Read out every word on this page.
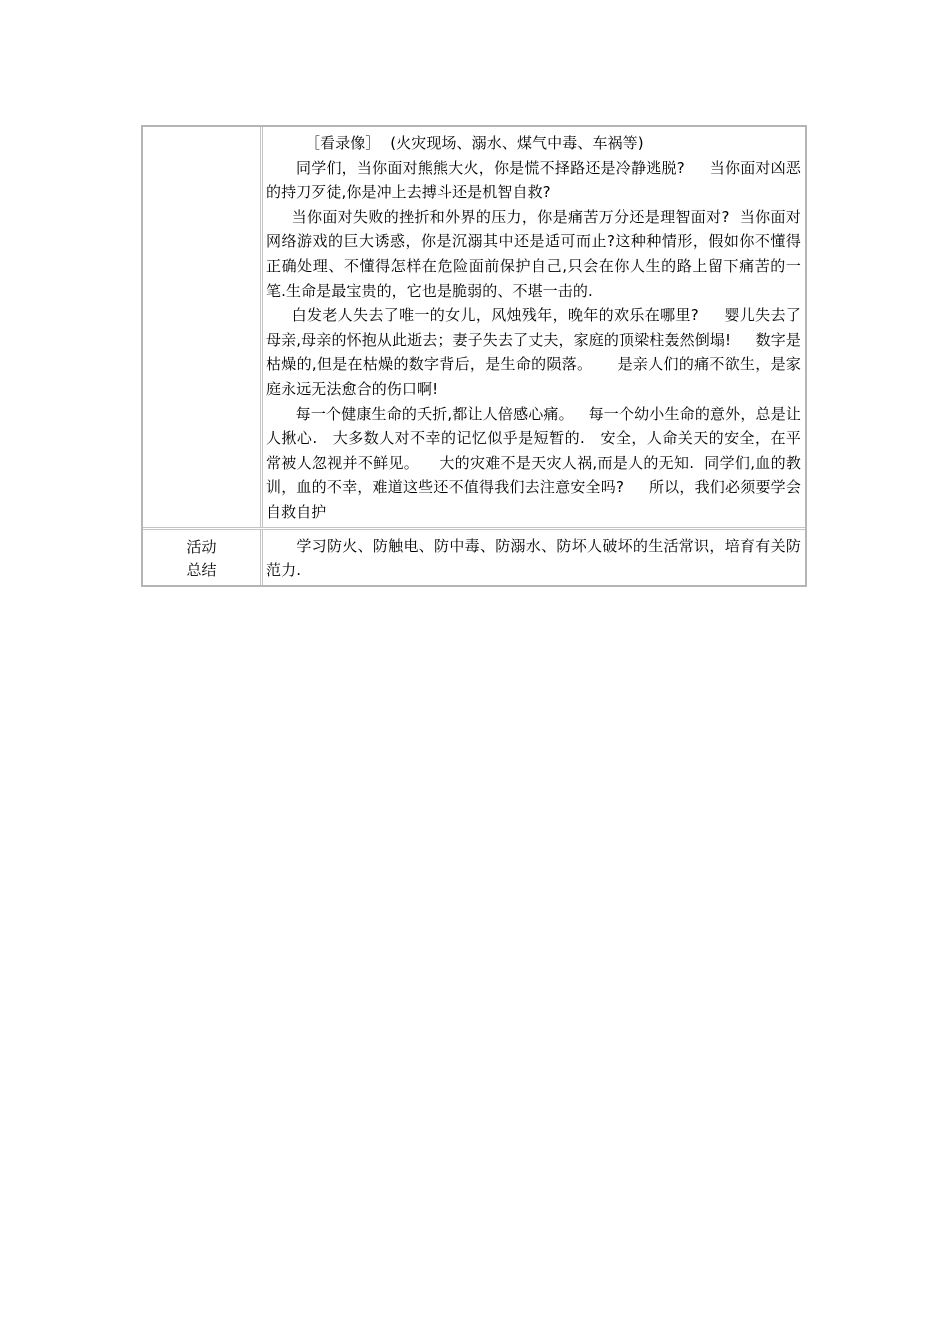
［看录像］  (火灾现场、溺水、煤气中毒、车祸等)

同学们，当你面对熊熊大火，你是慌不择路还是冷静逃脱?     当你面对凶恶的持刀歹徒,你是冲上去搏斗还是机智自救?

当你面对失败的挫折和外界的压力，你是痛苦万分还是理智面对?  当你面对网络游戏的巨大诱惑，你是沉溺其中还是适可而止?这种种情形，假如你不懂得正确处理、不懂得怎样在危险面前保护自己,只会在你人生的路上留下痛苦的一笔.生命是最宝贵的，它也是脆弱的、不堪一击的.

白发老人失去了唯一的女儿，风烛残年，晚年的欢乐在哪里?     婴儿失去了母亲,母亲的怀抱从此逝去；妻子失去了丈夫，家庭的顶梁柱轰然倒塌!     数字是枯燥的,但是在枯燥的数字背后，是生命的陨落。     是亲人们的痛不欲生，是家庭永远无法愈合的伤口啊!

每一个健康生命的夭折,都让人倍感心痛。   每一个幼小生命的意外，总是让人揪心.   大多数人对不幸的记忆似乎是短暂的.   安全，人命关天的安全，在平常被人忽视并不鲜见。    大的灾难不是天灾人祸,而是人的无知.  同学们,血的教训，血的不幸，难道这些还不值得我们去注意安全吗?     所以，我们必须要学会自救自护

活动
总结
学习防火、防触电、防中毒、防溺水、防坏人破坏的生活常识，培育有关防范力.
